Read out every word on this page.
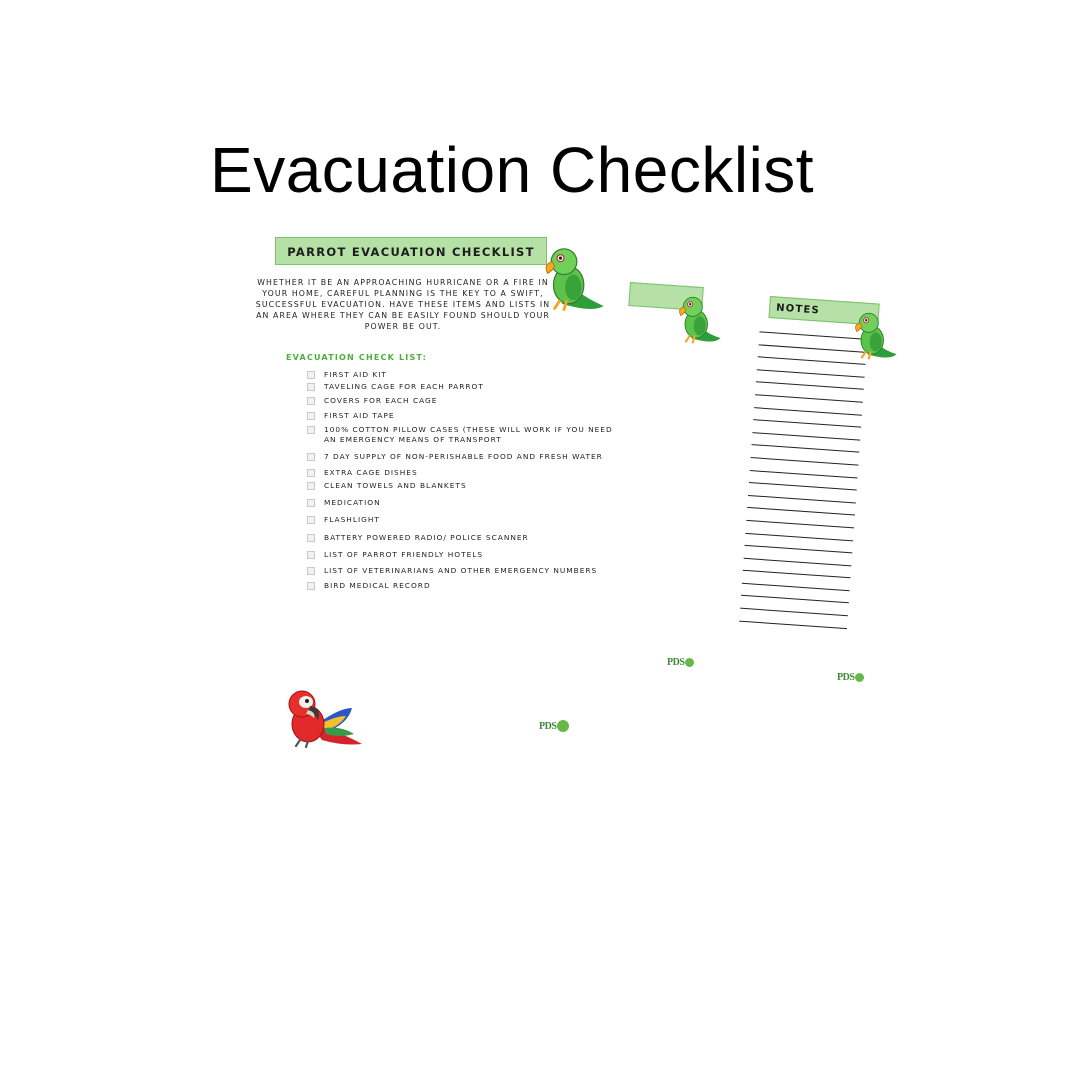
Evacuation Checklist
PDS
NOTES
PDS
PARROT EVACUATION CHECKLIST

WHETHER IT BE AN APPROACHING HURRICANE OR A FIRE IN YOUR HOME, CAREFUL PLANNING IS THE KEY TO A SWIFT, SUCCESSFUL EVACUATION. HAVE THESE ITEMS AND LISTS IN AN AREA WHERE THEY CAN BE EASILY FOUND SHOULD YOUR POWER BE OUT.

EVACUATION CHECK LIST:
FIRST AID KIT
TAVELING CAGE FOR EACH PARROT
COVERS FOR EACH CAGE
FIRST AID TAPE
100% COTTON PILLOW CASES (THESE WILL WORK IF YOU NEED AN EMERGENCY MEANS OF TRANSPORT
7 DAY SUPPLY OF NON-PERISHABLE FOOD AND FRESH WATER
EXTRA CAGE DISHES
CLEAN TOWELS AND BLANKETS
MEDICATION
FLASHLIGHT
BATTERY POWERED RADIO/ POLICE SCANNER
LIST OF PARROT FRIENDLY HOTELS
LIST OF VETERINARIANS AND OTHER EMERGENCY NUMBERS
BIRD MEDICAL RECORD
PDS
